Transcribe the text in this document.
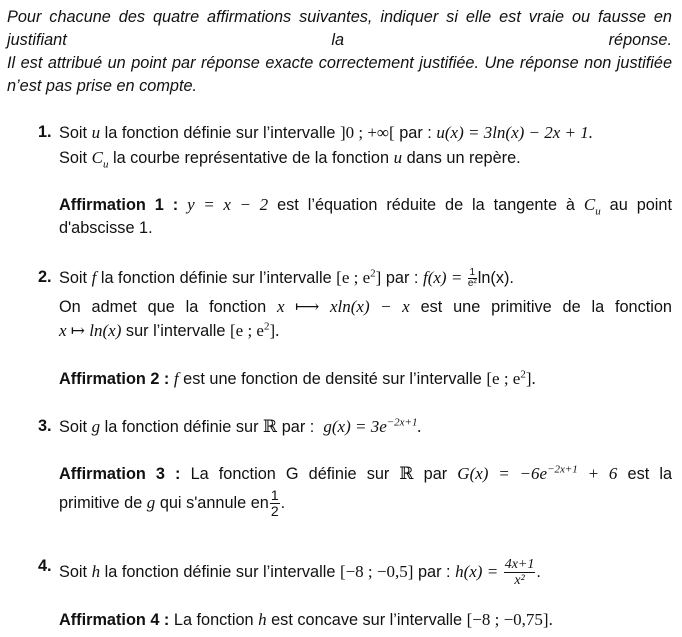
Pour chacune des quatre affirmations suivantes, indiquer si elle est vraie ou fausse en justifiant la réponse.

Il est attribué un point par réponse exacte correctement justifiée. Une réponse non justifiée n’est pas prise en compte.

1. Soit u la fonction définie sur l’intervalle ]0 ; +∞[ par : u(x) = 3ln(x) − 2x + 1.
Soit $C_u$ la courbe représentative de la fonction u dans un repère.
Affirmation 1 : y = x − 2 est l’équation réduite de la tangente à $C_u$ au point
d'abscisse 1.
2. Soit f la fonction définie sur l’intervalle [e ; $e^2$] par : $f(x) = \frac{1}{\text{e²}} \ln(x)$.
On admet que la fonction x ⟼ xln(x) − x est une primitive de la fonction
x ↦ ln(x) sur l’intervalle [e ; $e^2$].
Affirmation 2 : f est une fonction de densité sur l’intervalle [e ; $e^2$].
3. Soit g la fonction définie sur ℝ par : $g(x) = 3e^{-2x+1}$.
Affirmation 3 : La fonction G définie sur ℝ par $G(x) = -6e^{-2x+1} + 6$ est la
primitive de g qui s'annule en $\frac{1}{2}$ .
4. Soit h la fonction définie sur l’intervalle [−8 ; −0,5] par : $h(x) = \frac{4x+1}{\text{x²}}$ .
Affirmation 4 : La fonction h est concave sur l’intervalle [−8 ; −0,75].
